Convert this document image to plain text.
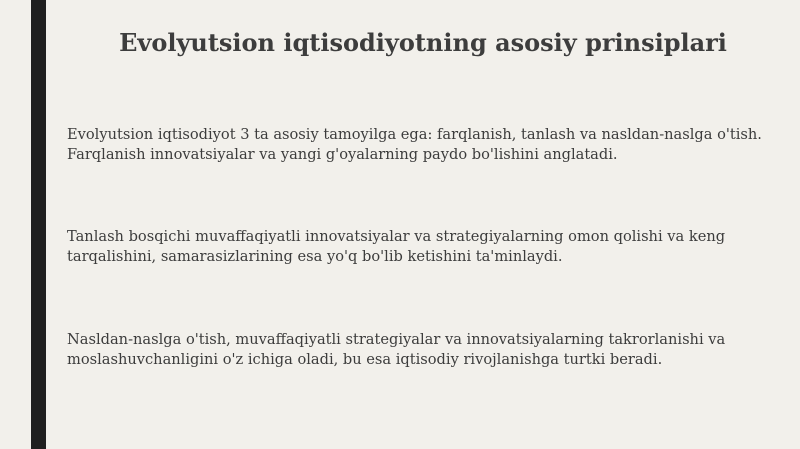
Evolyutsion iqtisodiyotning asosiy prinsiplari
Evolyutsion iqtisodiyot 3 ta asosiy tamoyilga ega: farqlanish, tanlash va nasldan-naslga o'tish. Farqlanish innovatsiyalar va yangi g'oyalarning paydo bo'lishini anglatadi.
Tanlash bosqichi muvaffaqiyatli innovatsiyalar va strategiyalarning omon qolishi va keng tarqalishini, samarasizlarining esa yo'q bo'lib ketishini ta'minlaydi.
Nasldan-naslga o'tish, muvaffaqiyatli strategiyalar va innovatsiyalarning takrorlanishi va moslashuvchanligini o'z ichiga oladi, bu esa iqtisodiy rivojlanishga turtki beradi.
